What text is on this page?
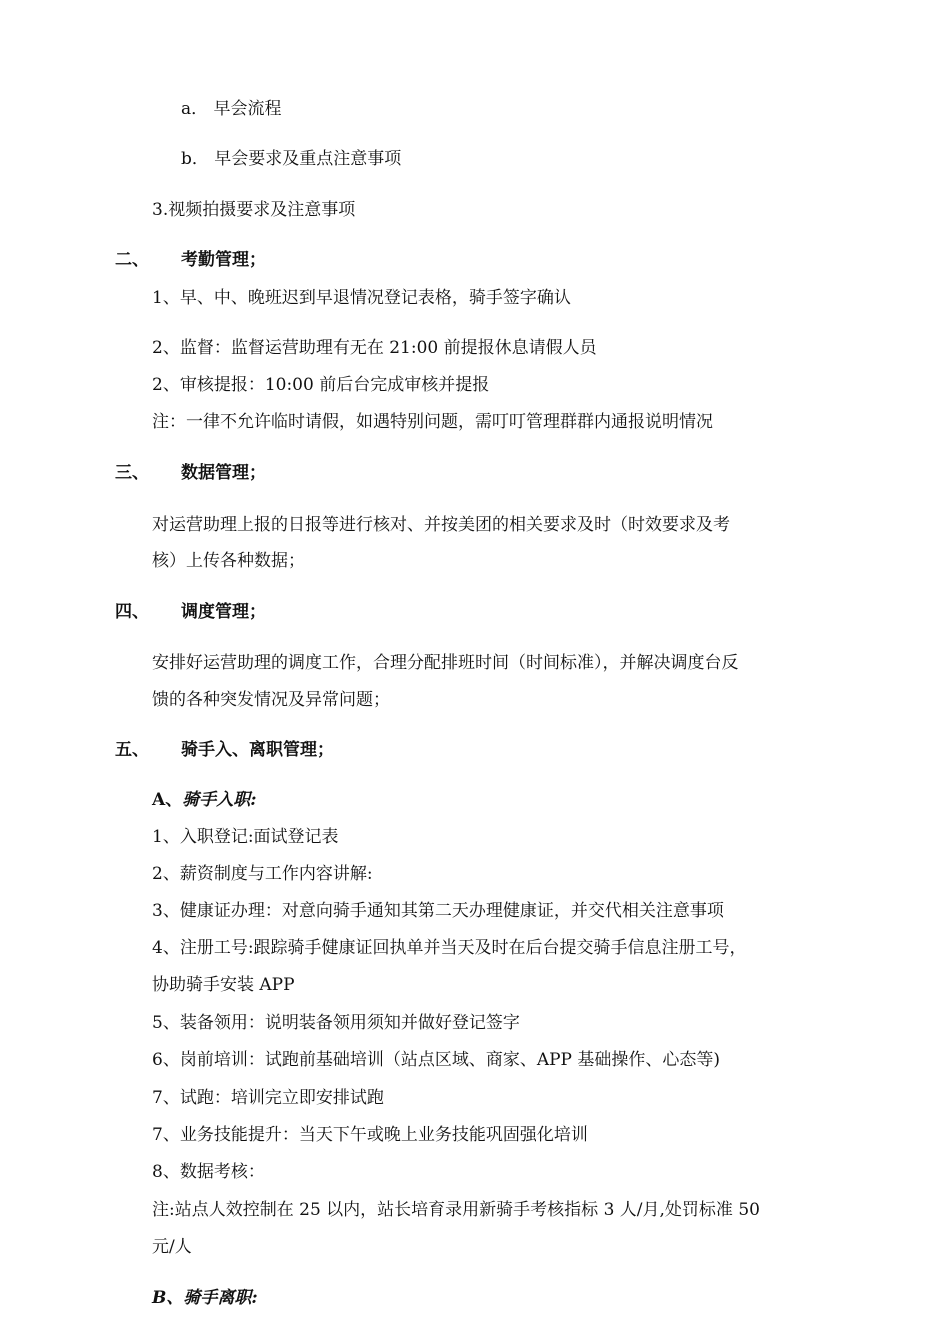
a． 早会流程
b． 早会要求及重点注意事项
3.视频拍摄要求及注意事项
二、 考勤管理；
1、早、中、晚班迟到早退情况登记表格，骑手签字确认
2、监督：监督运营助理有无在 21:00 前提报休息请假人员
2、审核提报：10:00 前后台完成审核并提报
注：一律不允许临时请假，如遇特别问题，需叮叮管理群群内通报说明情况
三、 数据管理；
对运营助理上报的日报等进行核对、并按美团的相关要求及时（时效要求及考
核）上传各种数据；
四、 调度管理；
安排好运营助理的调度工作，合理分配排班时间（时间标准），并解决调度台反
馈的各种突发情况及异常问题；
五、 骑手入、离职管理；
A、骑手入职:
1、入职登记:面试登记表
2、薪资制度与工作内容讲解:
3、健康证办理：对意向骑手通知其第二天办理健康证，并交代相关注意事项
4、注册工号:跟踪骑手健康证回执单并当天及时在后台提交骑手信息注册工号，
协助骑手安装 APP
5、装备领用：说明装备领用须知并做好登记签字
6、岗前培训：试跑前基础培训（站点区域、商家、APP 基础操作、心态等)
7、试跑：培训完立即安排试跑
7、业务技能提升：当天下午或晚上业务技能巩固强化培训
8、数据考核：
注:站点人效控制在 25 以内，站长培育录用新骑手考核指标 3 人/月,处罚标准 50
元/人
B、骑手离职:
